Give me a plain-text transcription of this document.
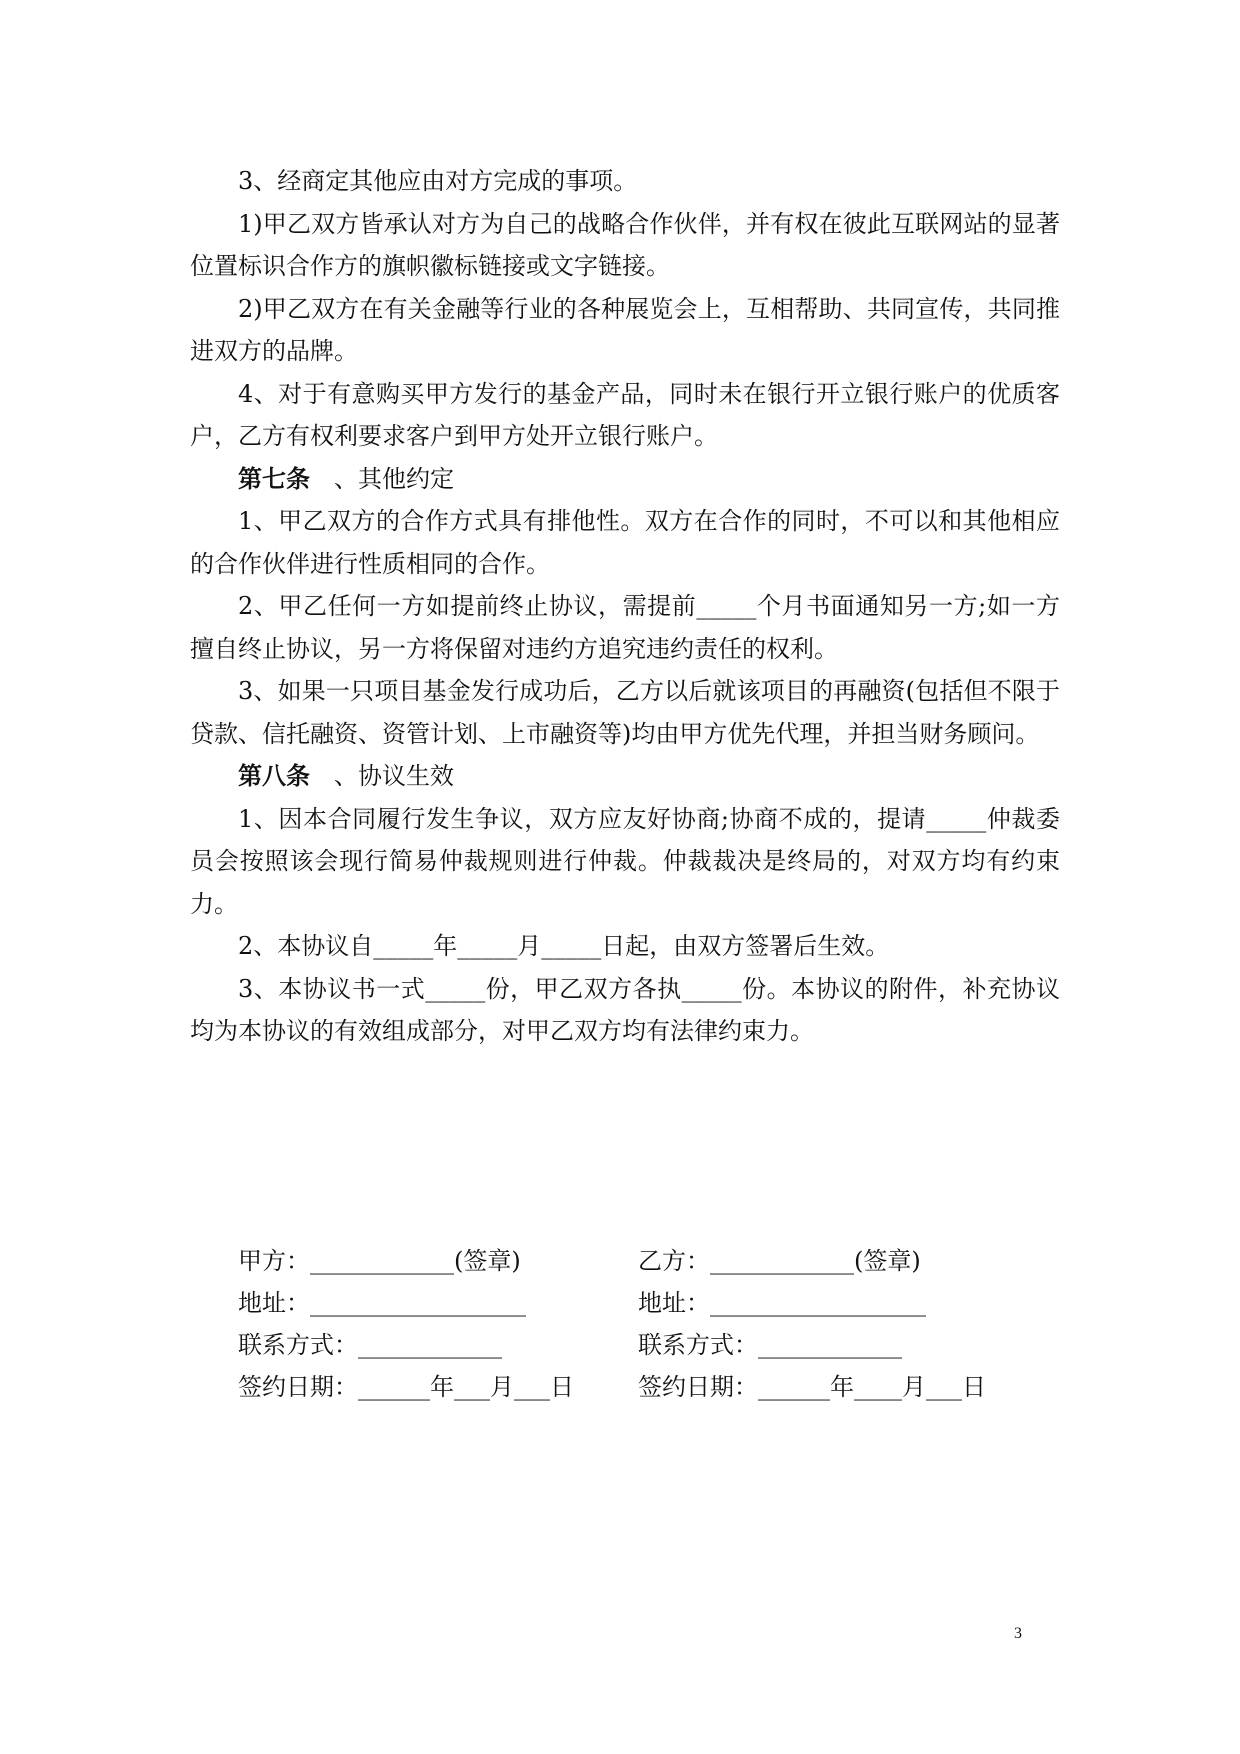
3、经商定其他应由对方完成的事项。

1)甲乙双方皆承认对方为自己的战略合作伙伴，并有权在彼此互联网站的显著位置标识合作方的旗帜徽标链接或文字链接。

2)甲乙双方在有关金融等行业的各种展览会上，互相帮助、共同宣传，共同推进双方的品牌。

4、对于有意购买甲方发行的基金产品，同时未在银行开立银行账户的优质客户，乙方有权利要求客户到甲方处开立银行账户。

第七条　、其他约定

1、甲乙双方的合作方式具有排他性。双方在合作的同时，不可以和其他相应的合作伙伴进行性质相同的合作。

2、甲乙任何一方如提前终止协议，需提前_____个月书面通知另一方;如一方擅自终止协议，另一方将保留对违约方追究违约责任的权利。

3、如果一只项目基金发行成功后，乙方以后就该项目的再融资(包括但不限于贷款、信托融资、资管计划、上市融资等)均由甲方优先代理，并担当财务顾问。

第八条　、协议生效

1、因本合同履行发生争议，双方应友好协商;协商不成的，提请_____仲裁委员会按照该会现行简易仲裁规则进行仲裁。仲裁裁决是终局的，对双方均有约束力。

2、本协议自_____年_____月_____日起，由双方签署后生效。

3、本协议书一式_____份，甲乙双方各执_____份。本协议的附件，补充协议均为本协议的有效组成部分，对甲乙双方均有法律约束力。

甲方：____________(签章)	乙方：____________(签章)
地址：__________________	地址：__________________
联系方式：____________	联系方式：____________
签约日期：______年___月___日	签约日期：______年____月___日
3
